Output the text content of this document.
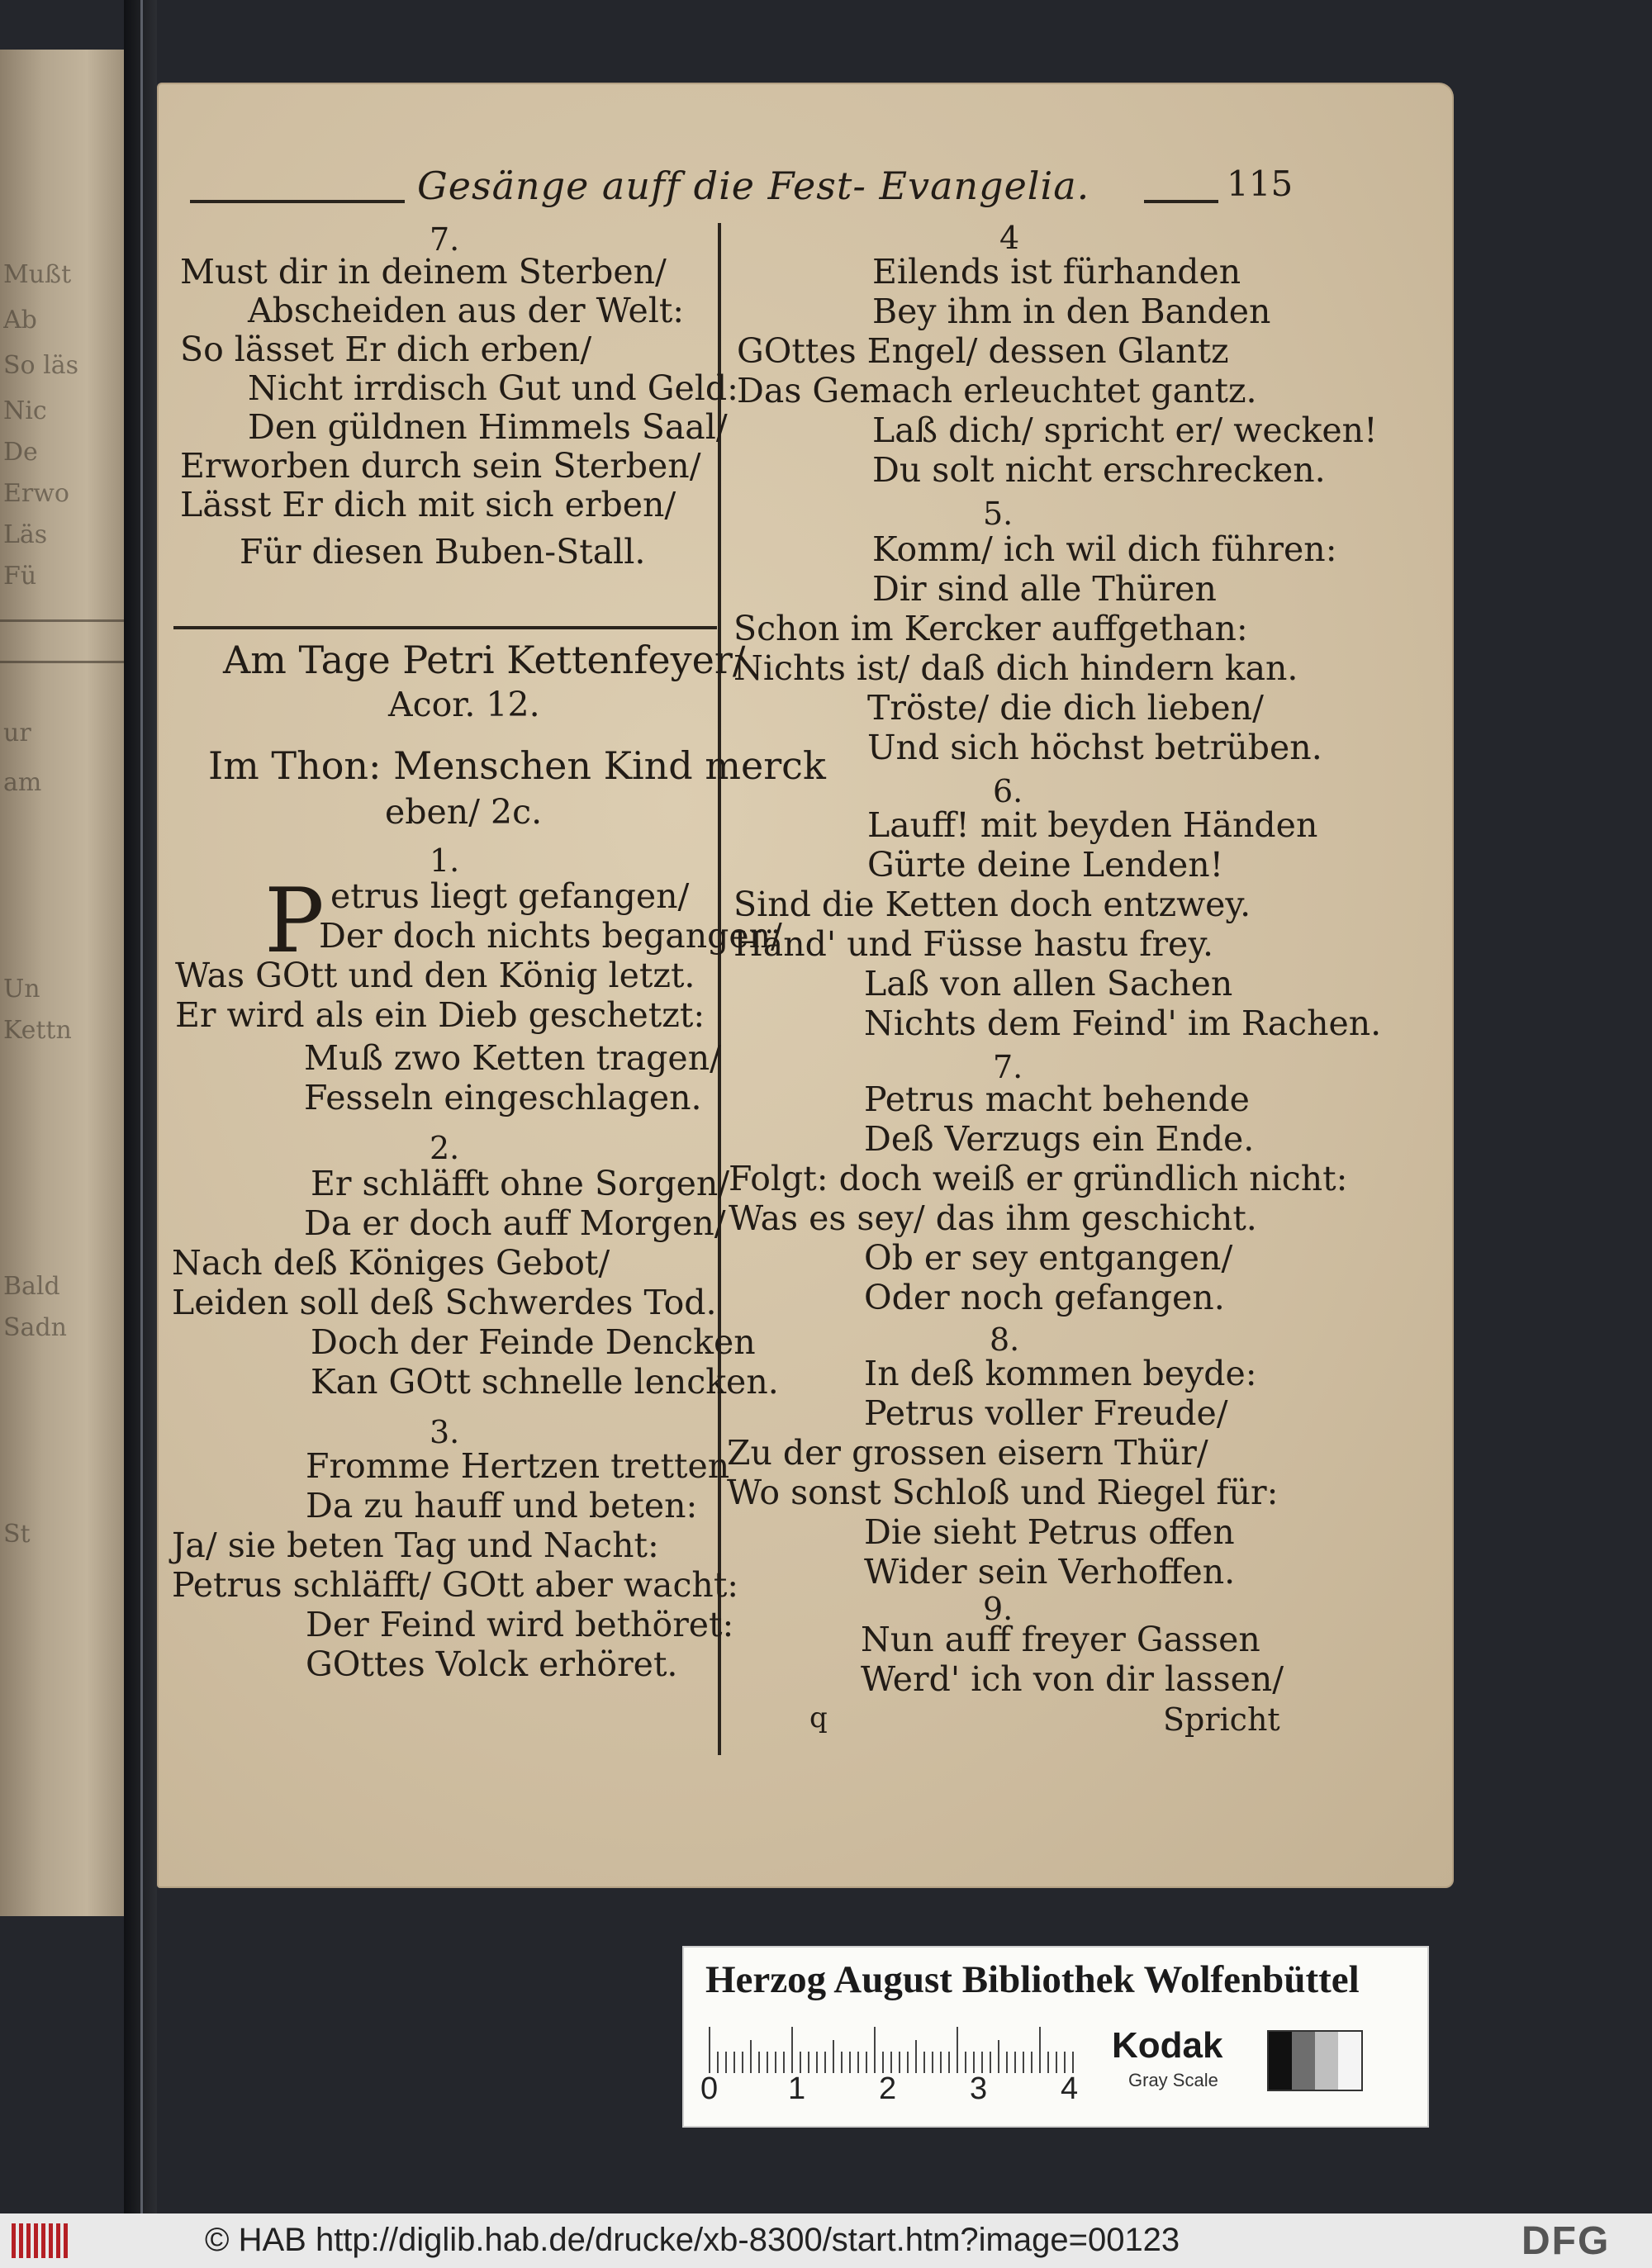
Mußt
Ab
So läs
Nic
De
Erwo
Läs
Fü
ur
am
Un
Kettn
Bald
Sadn
St
Gesänge auff die Fest- Evangelia.	115
7.
Must dir in deinem Sterben/
Abscheiden aus der Welt:
So lässet Er dich erben/
Nicht irrdisch Gut und Geld:
Den güldnen Himmels Saal/
Erworben durch sein Sterben/
Lässt Er dich mit sich erben/
Für diesen Buben-Stall.
Am Tage Petri Kettenfeyer/
Acor. 12.
Im Thon: Menschen Kind merck
eben/ 2c.
1.
P etrus liegt gefangen/
Der doch nichts begangen/
Was GOtt und den König letzt.
Er wird als ein Dieb geschetzt:
Muß zwo Ketten tragen/
Fesseln eingeschlagen.
2.
Er schläfft ohne Sorgen/
Da er doch auff Morgen/
Nach deß Königes Gebot/
Leiden soll deß Schwerdes Tod.
Doch der Feinde Dencken
Kan GOtt schnelle lencken.
3.
Fromme Hertzen tretten
Da zu hauff und beten:
Ja/ sie beten Tag und Nacht:
Petrus schläfft/ GOtt aber wacht:
Der Feind wird bethöret:
GOttes Volck erhöret.
4
Eilends ist fürhanden
Bey ihm in den Banden
GOttes Engel/ dessen Glantz
Das Gemach erleuchtet gantz.
Laß dich/ spricht er/ wecken!
Du solt nicht erschrecken.
5.
Komm/ ich wil dich führen:
Dir sind alle Thüren
Schon im Kercker auffgethan:
Nichts ist/ daß dich hindern kan.
Tröste/ die dich lieben/
Und sich höchst betrüben.
6.
Lauff! mit beyden Händen
Gürte deine Lenden!
Sind die Ketten doch entzwey.
Händ' und Füsse hastu frey.
Laß von allen Sachen
Nichts dem Feind' im Rachen.
7.
Petrus macht behende
Deß Verzugs ein Ende.
Folgt: doch weiß er gründlich nicht:
Was es sey/ das ihm geschicht.
Ob er sey entgangen/
Oder noch gefangen.
8.
In deß kommen beyde:
Petrus voller Freude/
Zu der grossen eisern Thür/
Wo sonst Schloß und Riegel für:
Die sieht Petrus offen
Wider sein Verhoffen.
9.
Nun auff freyer Gassen
Werd' ich von dir lassen/
q	Spricht
Herzog August Bibliothek Wolfenbüttel
0 1 2 3 4
Kodak
Gray Scale
© HAB http://diglib.hab.de/drucke/xb-8300/start.htm?image=00123	DFG
